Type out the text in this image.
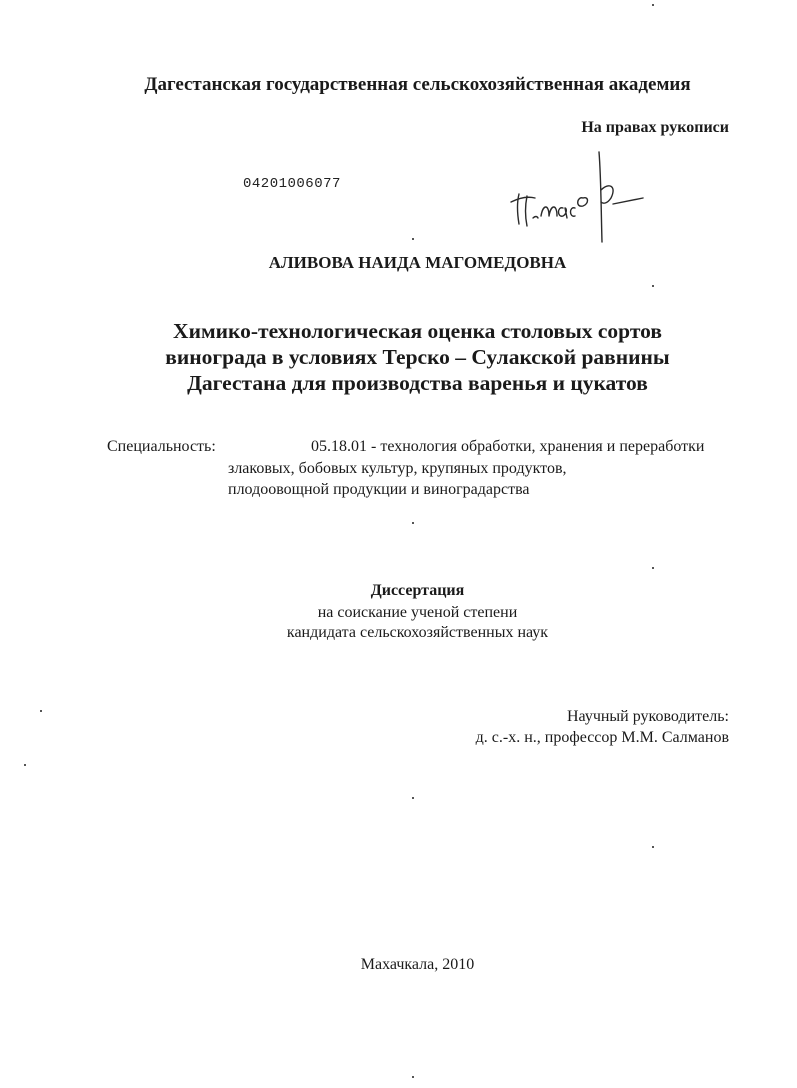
Дагестанская государственная сельскохозяйственная академия
На правах рукописи
04201006077
АЛИВОВА НАИДА МАГОМЕДОВНА
Химико-технологическая оценка столовых сортов
винограда в условиях Терско – Сулакской равнины
Дагестана для производства варенья и цукатов
Специальность:	05.18.01 - технология обработки, хранения и переработки
злаковых, бобовых культур, крупяных продуктов,
плодоовощной продукции и виноградарства
Диссертация
на соискание ученой степени
кандидата сельскохозяйственных наук
Научный руководитель:
д. с.-х. н., профессор М.М. Салманов
Махачкала, 2010
